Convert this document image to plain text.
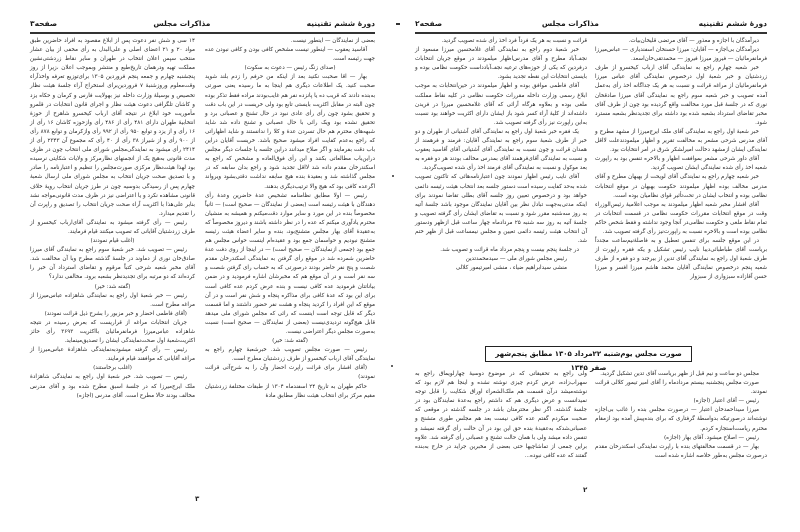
دورهٔ ششم تقنینیه
مذاکرات مجلس
صفحه‌۳

بعضی از نمایندگان — اینطور نیست.

آقاسید یعقوب — اینطور نیست مشخص کافی بودن و کافی نبودن عده جهت رئیسه است.

(صدای زنگ رئیس — دعوت به سکوت)

بهار — اقا صحبت نکنید بعد از اینکه من حرفم را زدم بلند شوید صحبت کنید. یک اطلاعات دیگری هم اینجا به ما رسیده یعنی صورتی به‌بنده دادند که قریب ده یا پانزده نفر هم غایب‌بودند مراده فقط تذکر بوده چون البته در مقابل اکثریت بایستی تابع بود ولی خریست در این باب دقت و تحقیق بشود چون رأی رأی عادی نبود در حال تشنج و عصبانی برد و تحقیق نشده بود ویک رائی با حال عصبانی و تشنج داده شد شاید شبهه‌های محترم هم حال تسردن عدهٔ و کلا را ندانستند و شاید اظهاراتی که راجع به‌عدم کفایت افراد میشود صحیح باشد. خریست آقایان دراین باب دقت بفرمایند و اگر صلاح میدانند دراین جلسه یا جلسات دیگر مجلس دراین‌باب مطالعاتی بکنند و این رأی فوق‌العاده و مشخص که راجع به اسکندرخان مقدم داده شد لااقل تجدید شود و راجع بدان سابقه که در مجلس گذاشته شد و بعقیدهٔ بنده هیچ سابقه نداشت دقتی‌بشود ویرواند اگرعده کافی بود که هیچ والا ترتیب‌دیگری بدهند.

رئیس — اولا مطابق نظامنامه تشخیص عدهٔ حاضرین وعدهٔ رأی دهندگان با هیئت رئیسه است (بعضی از نمایندگان — صحیح است) — ثانیاً مخصوصاً بنده در این مورد و سایر موارد دقت‌میکنم و همیشه به منشیان محترم یادآوری میکنم که عده را در نظر داشته باشند و دیروز مخصوصاً که به‌عقیدهٔ آقای بهار مجلس متشنج‌بود، بنده و سایر اعضاء هیئت رئیسه متشنج نبودیم و حواسمان جمع بود و عقیده‌ام اینست حواس مجلس هم جمع بود (جمعی ازنمایندگان — صحیح است) — در اینجا از روی دفت عدهٔ حاضرین شمرده شد در موقع رأی گرفتن به نمایندگی اسکندرخان مقدم شصت و پنج نفر حاضر بودند درصورتی که به حساب رای گرفتن شصت و سه نفر است و در آن موقع هم که مخبرشان اشاره فرمودید و در ضمن بیاناتتان فرمودید عده کافی نیست و بنده عرض کردم عده کافی است برای این بود که عدهٔ کافی برای مذاکره پنجاه و شش نفر است و در آن موقع که این افراد را کردید پنجاه و هشت نفر حضور داشتند و اما قسمت دیگر که قابل توجه است اینست که رائی که مجلس شورای ملی میدهد قابل هیچ‌گونه تردیدی‌نیست (بعضی از نمایندگان — صحیح است) نسبت به‌صورت مجلس دیگر اعتراضی نیست.

(گفته شد: خیر)

رئیس — صورت مجلس تصویب شد. خبرشعبهٔ چهارم راجع به نمایندگی آقای ارباب کیخسرو از طرف زردشتیان مطرح است.

(آقای افشار برای قرائت راپرت احضار وآن را به شرح‌آتی قرائت نمودند)

حاکم طهران به تاریخ ۲۴ اسفندماه ۱۳۰۴ از طبقات مختلفهٔ زردشتیان مقیم مرکز برای انتخاب هیئت نظار مطابق مادهٔ

۱۴ سی و شش نفر دعوت پس از ابلاغ مقصود به افراد حاضرین طبق مواد ۲۰ و ۲۱ اعضای اصلی و علی‌البدل به رأی مخفی از بیان عشار منتخب سپس اعلان انتخاب در طهران و سایر نقاط زردشتی‌نشین مملکت تهیه ودرهمان تاریخ‌طبع و منتشر و‌بموجب اعلان ،زیرا از روز پنجشنبه چهارم و جمعه پنجم فروردین ۱۳۰۵ برای‌توزیع تعرفه واخذآراء وقت‌معلوم وروزشنبهٔ ۷ فروردین‌برای استخراج آراء جلسهٔ هیئت نظار تخصیص و بوسیلهٔ وزارت داخله نیز بهولایت فارس و کرمان و حکاه یزد و کاشان تلگرافی دعوت هیئت نظار و اجرای قانون انتخابات در قلمرو مأموریت خود ابلاغ در نتیجه آقای ارباب کیخسرو شاهرخ از حوزهٔ انتخابیهٔ طهران دارای ۴۸۱ رأی از ۴۸۶ رأی وازحوزه کاشان ۱۶ رأی از ۱۶ رأی و از یزد و توابع ۹۵۰ رأی از ۹۹۲ رأی واز‌کرمان و توابع ۸۷۸ رأی از ۹۰۰ رأی و از شیراز ۳۸ رأی از ۴۰ رأی که مجموع آن ۲۳۴۳ رأی از ۲۴۱۴ رأی میشود به نمایندگی‌مجلس شورای ملی انتخاب چون در ظرف مدت قانونی به‌هیچ یک از انجمنهای نظارمرکز و ولایات شکایتی نرسیده بود لهذا هیئت‌نظار مرکزی صورت‌مجلس را تنظیم و اعتبارنامه را صادر و با تصدیق صحت جریان انتخاب به مجلس شورای ملی ارسال شعبهٔ چهارم پس از رسیدگی بدوسیه چون در طرز جریان انتخاب رویهٔ خلاف قانونی مشاهده نکرد و یا اعتراضی نیز در ظرف مدت قانونی‌مواجه نشد بنابر علی‌هذا با اکثریت آراء صحت جریان انتخاب را تصدیق و راپرت آن را تقدیم میدارد.

رئیس — رأی گرفته میشود به نمایندگی آقای‌ارباب کیخسرو از طرف زردشتیان آقایانی که تصویب میکنند قیام فرمایند.

(اغلب قیام نمودند)

رئیس — تصویب شد. خبر شعبهٔ سوم راجع به نمایندگی آقای میرزا صادق‌خان نوری از دماوند در جلسهٔ گذشته مطرح وبا آن مخالفت شد. آقای مخبر شعبه شرحی کتباً مرقوم و تقاضای استرداد آن خبر را کرده‌اند که دو مرتبه برای تجدیدنظر بشعبه برود. مخالفی ندارد؟

(گفته شد: خیر)

رئیس — خبر شعبهٔ اول راجع به نمایندگی شاهزاده عباس‌میرزا از مراغه مطرح است.

(آقای فاطمی احضار و خبر مزبور را بشرح ذیل قرائت نمودند)

جریان انتخابات مراغه از قراریست که بعرض رسیده در نتیجه شاهزاده عباس‌میرزا فرمانفرمائیان بااکثریت ۳۶۹۳ رأی حائز اکثریت‌شعبهٔ اول صحت‌نمایندگی ایشان را تصدیق‌مینماید.

رئیس — رأی گرفته میشودبه‌نمایندگی شاهزادهٔ عباس‌میرزا از مراغه آقایانی که موافقند قیام فرمایند.

(اغلب برخاستند)

رئیس — تصویب شد. خبر شعبهٔ اول راجع به نمایندگی شاهزادهٔ ملک ایرج‌میرزا که در جلسهٔ اسبق مطرح شده بود و آقای مدرس مخالف بودند حالا مطرح است. آقای مدرس (اجازه)

۳
دورهٔ ششم تقنینیه
مذاکرات مجلس
صفحه‌۲

دیرآمدگان با اجازه و معذور — آقای مرتضی قلیخان‌بیات.

دیرآمدگان بی‌اجازه — آقایان: میرزا حسنخان اسفندیاری — عباس‌میرزا فرمانفرمائیان — فیروز میرزا فیروز — محمدتقی‌خان‌اسعد.

خبر شعبه چهارم راجع به نمایندگی آقای ارباب کیخسرو از طرف زردشتیان و خبر شعبهٔ اول درخصوص نمایندگی آقای عباس میرزا فرمانفرمائیان از مراغه قرائت و نسبت به هر یک جداگانه اخذ رأی به‌عمل آمده تصویب و خبر شعبه سوم راجع به نمایندگی آقای میرزا صادقخان نوری که در جلسهٔ قبل مورد مخالفت واقع گردیده بود چون از طرف آقای مخبر تقاضای استرداد بشعبه شده بود داشته برای تجدیدنظر بشعبه مسترد شود.

خبر شعبهٔ اول راجع به نمایندگی آقای ملک ایرج‌میرزا از مشهد مطرح و آقای مدرس شرحی مشعر به مخالفت تقریر و اظهار میلمودند‌علت لااقل نمایندگی ایشان ازمشهد دخالت امیرلشکر شرق در امر انتخابات بود.

آقای داور شرحی مشعر بموافقت اظهار و بالاخره تنفس بود به راپورت شعبه اخذ رأی شده نمایندگی ایشان تصویب گردید.

خبر شعبه چهارم راجع به نمایندگی آقای لویحت از بهبهان مطرح و آقای مدرس مخالف بوده اظهار میلمودند حکومت بهبهان در موقع انتخابات نظامی بوده و انتخاب ایشان در تحت‌تأثیر قوای نظامیان بوده است.

آقای افشار مخبر شعبه اظهار میلمودند به موجب اعلامیهٔ رئیس‌الوزراء وقت در موقع انتخابات مقررات حکومت نظامی در قسمت انتخابات در تمام نقاط ملغی و حکومت نظامی‌در آنجا وجود نداشته و فقط شخص حاکم نظامی بوده است و بالاخره نسبت به راپورت‌نیز رأی گرفته تصویب شد.

در این موقع جلسه برای تنفس تعطیل و به فاصلهٔ‌نیم‌ساعت مجدداً بریاست آقای طباطبائی‌دیبا نایب رئیس تشکیل و یکه فقره راپورت از طرف شعبهٔ اول راجع به نمایندگی آقای تدین از بیرجند و دو فقره از طرف شعبه پنجم درخصوص نمایندگی آقایان محمد هاشم میرزا افسر و میرزا حسن آقازاده سبزواری از سبزوار

قرائت و نسبت به هر یک فرداً فرد اخذ رأی شده تصویب گردید.

خبر شعبهٔ دوم راجع به نمایندگی آقای غلامحسین میرزا مسعود از نجف‌آباد مطرح و آقای مدرس‌اظهار میلمودند در موقع جریان انتخابات درفردین که یکی از حوزه‌های ترعیه نجف‌آبادداست حکومت نظامی بوده و بایستی انتخابات این نقطه تجدید بشود.

آقای فاطمی موافق بوده و اظهار میلمودند در حین‌انتخابات به موجب ابلاغ رسمی وزارت داخله مقررات حکومت نظامی در کلیه نقاط مملکت ملغی بوده و بعلاوه هرگاه آرائی که آقای غلامحسین میرزا در فریدن داشته‌اند از کلیهٔ آراء کسر شود باز ایشان دارای اکثریت خواهند بود نسبت به‌این راپورت نیز رأی گرفته تصویب شد.

یک فقره خبر شعبهٔ اول راجع به نمایندگی آقای آشتیانی از طهران و دو خبر از طرف شعبهٔ سوم راجع به نمایندگی آقایان: فرمند و فرهمند از همدان قرائت و چون نسبت به نمایندگی آقای آشتیانی آقای آقاسید یعقوب و نسبت به نمایندگی آقای‌فرهمند آقای بمدرس مخالف بودند هر دو فقره به بعد موکول و نسبت به نمایندگی آقای فرمند اخذ رأی شده تصویب‌گردید.

آقای نایب رئیس اظهار نمودند چون اعتبارنامه‌هائی که تا‌کنون تصویب شده به‌حد کفایت رسیده است دستور جلسه بعد انتخاب هیئت رئیسه دائمی خواهد بود و درخصوص تعیین روز جلسه آقای بطلی تقاضا نمودند برای اینکه مدتی‌به‌جهت تبادل نظر بین آقایان نمایندگان موجود باشد جلسهٔ آتیه به روز سه‌شنبه مقرر شود و نسبت به تقاضای ایشان رأی گرفته تصویب و جلسهٔ آتیه به روز سه شنبه ۲۵ مرداد‌ماه چهار ساعت قبل ازظهر ودستور آن انتخاب هیئت رئیسه دائمی تعیین و مجلس نیمساعت قبل از ظهر ختم شد.

در جلسهٔ پنجم بیست و پنجم مرداد ماه قرائت و تصویب شد.

رئیس مجلس شورای ملی — سیدمحمدتدین

منشی سیدابراهیم ضیاء ، منشی امیرتیمور کلالی

صورت مجلس یوم‌شنبه ۲۲مرداد ۱۳۰۵ مطابق پنجم‌شهر صفر ۱۳۴۵

مجلس دو ساعت و نیم قبل از ظهر بریاست آقای تدین تشکیل گردید.

صورت مجلس پنجشنبه بیستم مردادماه را آقای امیر تیمور کلالی قرائت نمودند.

رئیس — آقای اعتبار (اجازه)

میرزا سیداحمدخان اعتبار — درصورت مجلس بنده را غائب بی‌اجازه نوشته‌اند درصورتیکه بدواسطهٔ گرفتاری که برای بنده‌پیش آمده بود ازمقام محترم ریاست‌استجازه کردم.

رئیس — اصلاح میشود. آقای بهار (اجازه)

بهار — در قسمت مخالفتهای بنده با راپرت نمایندگی اسکندرخان مقدم درصورت مجلس به‌طور خلاصه اشاره شده است

ولی راجع به تحقیقاتی که در موضوع دوسیهٔ چهارلویماق راجع به سهراب‌زاده، عرض کردم چیزی نوشته نشده و اینجا هم لازم بود که نوشته‌میشد درآن قسمت هم ملک‌الشعراء اوراق شکایت را قابل توجه نمیدانست و عرض دیگری هم که داشتم راجع به‌عدهٔ نمایندگان بود در جلسهٔ گذشته. اگر نظر محترمتان باشد در جلسه گذشته در موقعی که صحبت میکردم گفتم عده کافی نیست بعد هم مجلس طوری متشنج و عصبانی‌شد‌که به‌عقیدهٔ بنده حق این بود در آن حالت رأی گرفته نمیشد و تنفس داده میشد ولی با همان حالت تشنج و عصبانی رأی گرفته شد. علاوه براین جمعی از تماشاچیها حتی بعضی از مخبرین جراید در خارج به‌بنده گفتند که عده کافی نبوده...

۲
